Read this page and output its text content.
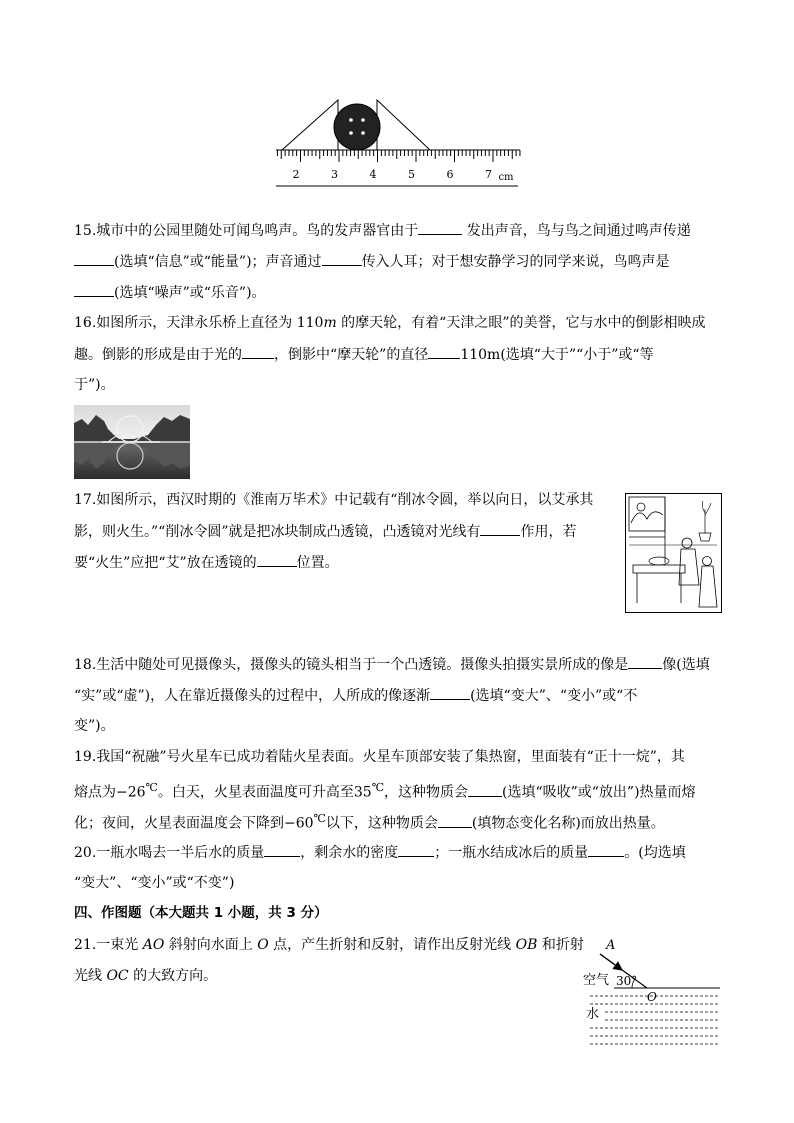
2	3	4	5	6	7 cm
15.城市中的公园里随处可闻鸟鸣声。鸟的发声器官由于	发出声音，鸟与鸟之间通过鸣声传递
(选填“信息”或“能量”)；声音通过	传入人耳；对于想安静学习的同学来说，鸟鸣声是
(选填“噪声”或“乐音”)。
16.如图所示，天津永乐桥上直径为 110m 的摩天轮，有着“天津之眼”的美誉，它与水中的倒影相映成
趣。倒影的形成是由于光的 ，倒影中“摩天轮”的直径 110m(选填“大于”“小于”或“等
于”)。
17.如图所示，西汉时期的《淮南万毕术》中记载有“削冰令圆，举以向日，以艾承其
影，则火生。”“削冰令圆”就是把冰块制成凸透镜，凸透镜对光线有	作用，若
要“火生”应把“艾”放在透镜的	位置。
18.生活中随处可见摄像头，摄像头的镜头相当于一个凸透镜。摄像头拍摄实景所成的像是 像(选填
“实”或“虚”)，人在靠近摄像头的过程中，人所成的像逐渐	(选填“变大”、“变小”或“不
变”)。
19.我国“祝融”号火星车已成功着陆火星表面。火星车顶部安装了集热窗，里面装有“正十一烷”，其
熔点为−26℃。白天，火星表面温度可升高至35℃，这种物质会 (选填“吸收”或“放出”)热量而熔
化；夜间，火星表面温度会下降到−60℃以下，这种物质会 (填物态变化名称)而放出热量。
20.一瓶水喝去一半后水的质量	，剩余水的密度	；一瓶水结成冰后的质量	。(均选填
“变大”、“变小”或“不变”)
四、作图题（本大题共 1 小题，共 3 分）
21.一束光 AO 斜射向水面上 O 点，产生折射和反射，请作出反射光线 OB 和折射
光线 OC 的大致方向。
A
空气 30°
O
水
